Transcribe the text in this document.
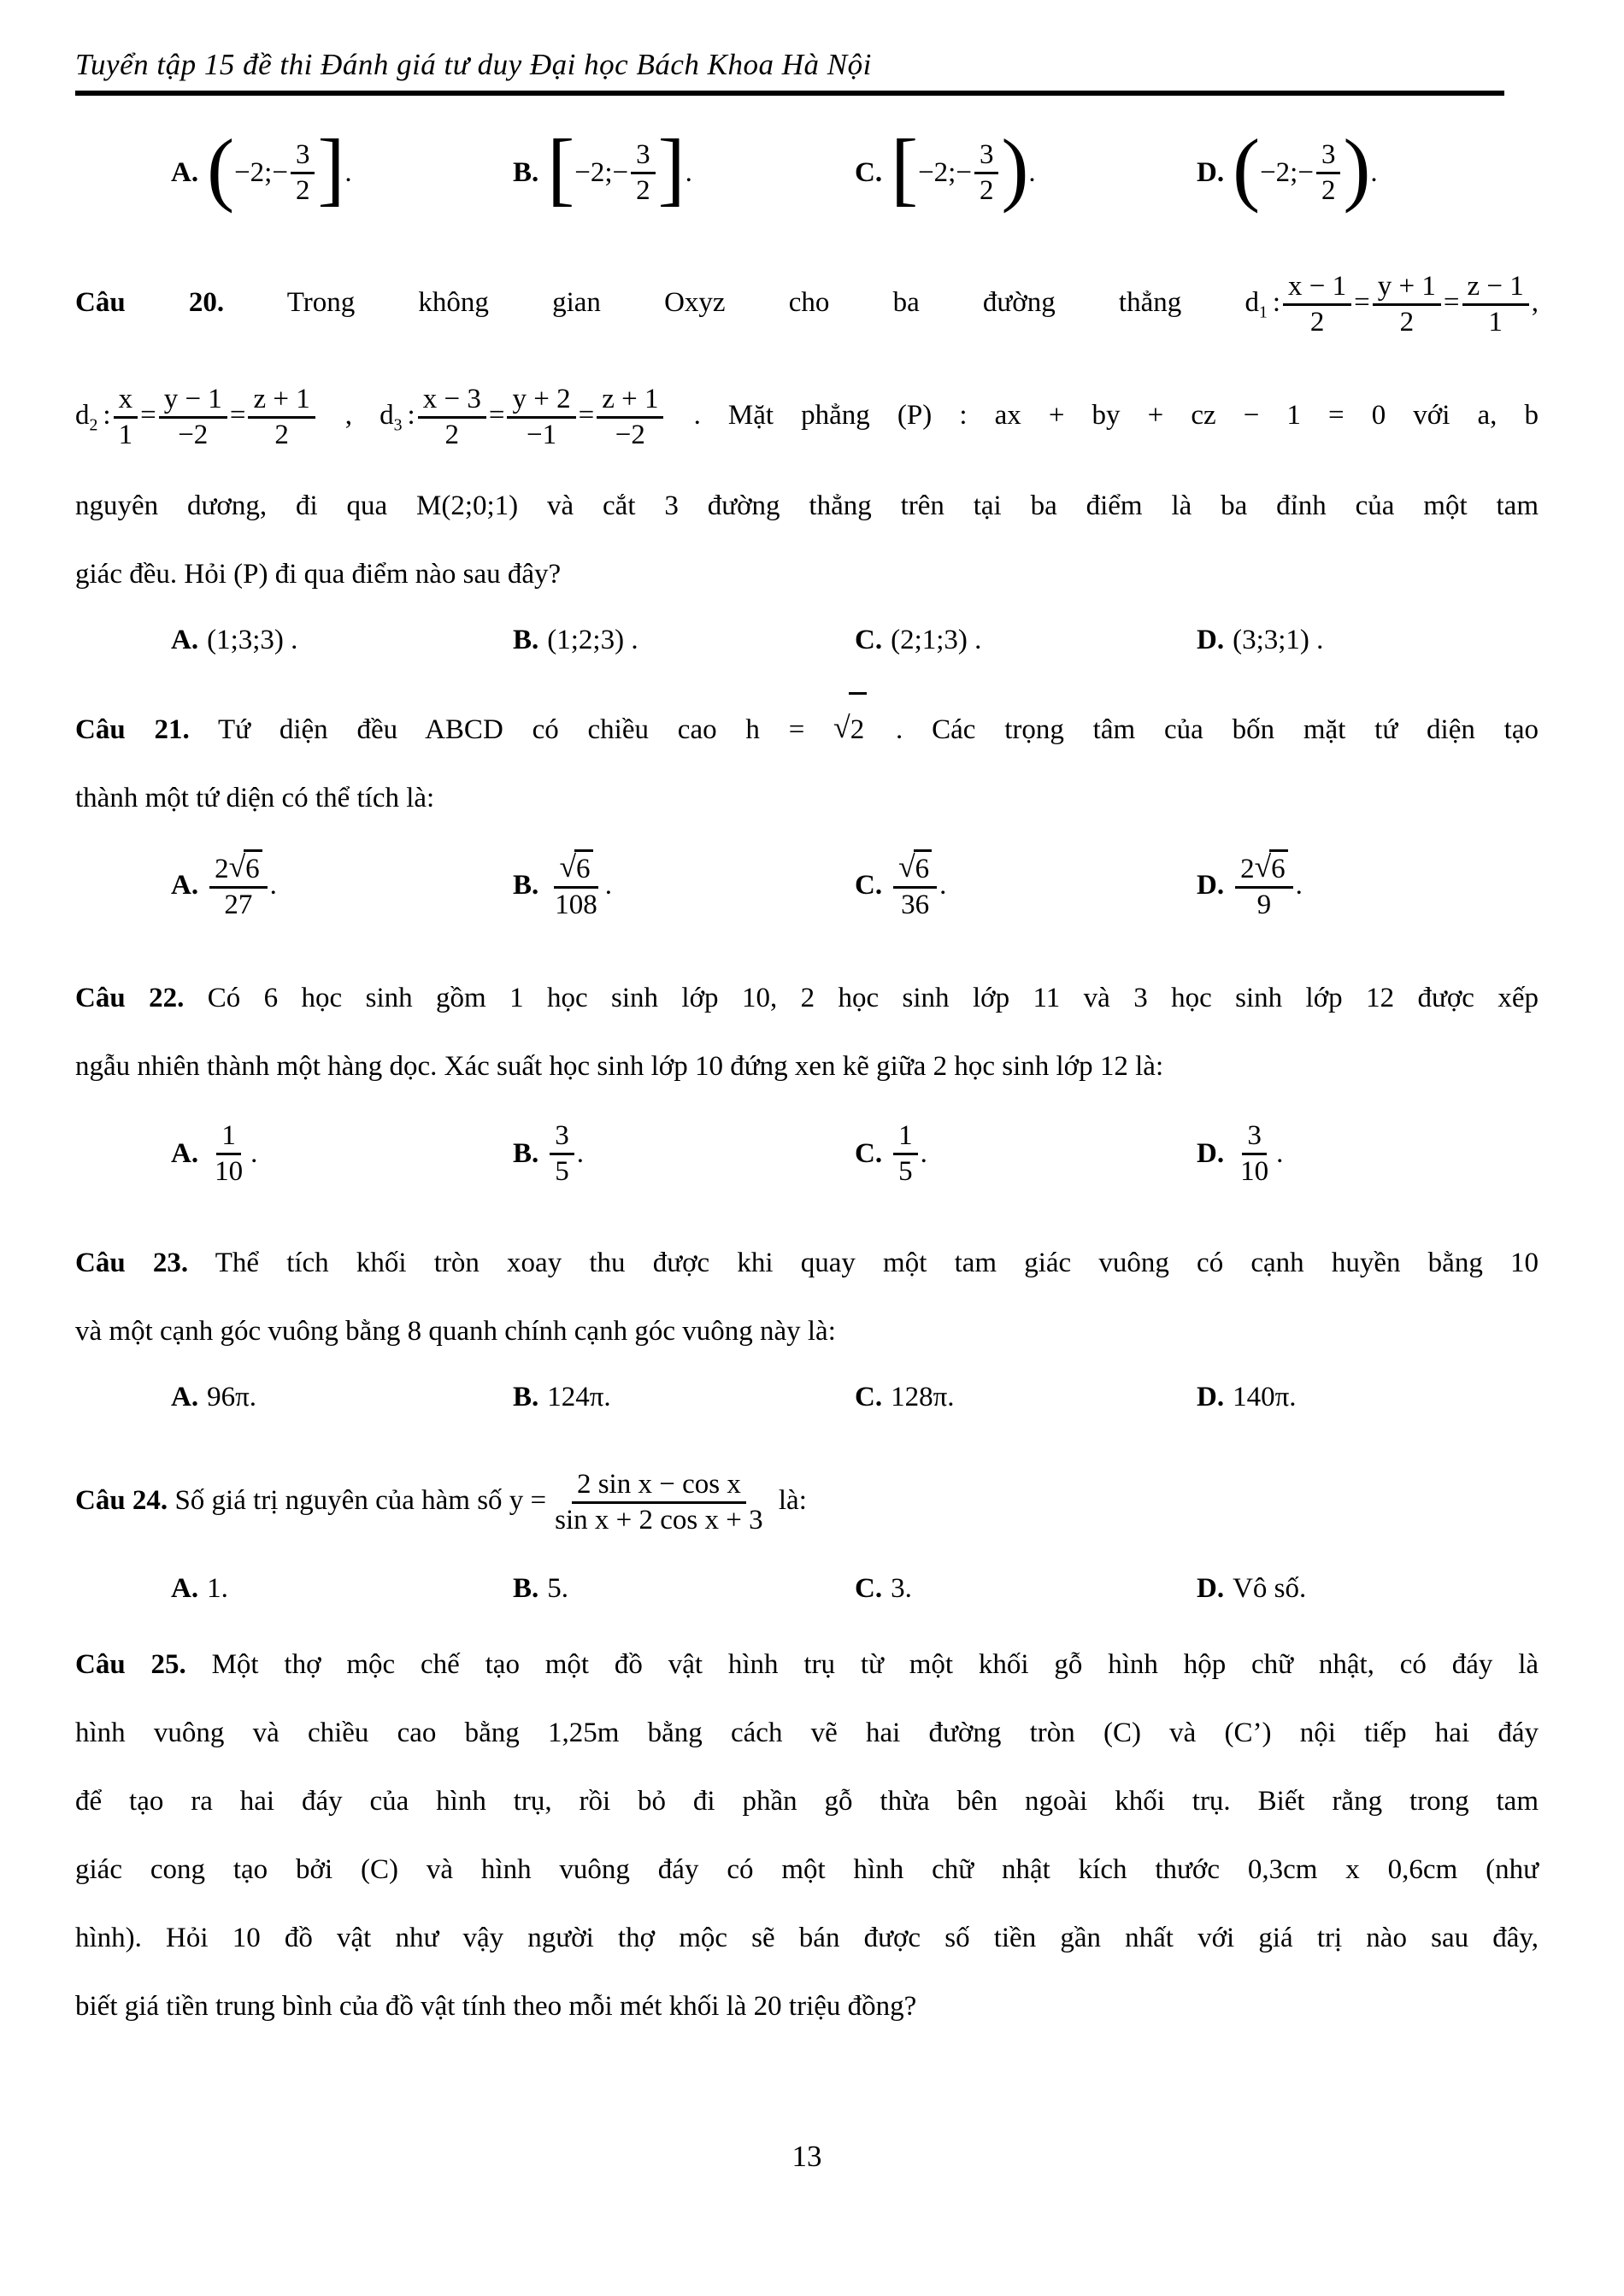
Tuyển tập 15 đề thi Đánh giá tư duy Đại học Bách Khoa Hà Nội
A. ( −2;− $\frac{3}{2}$ ] .	B. [ −2;− $\frac{3}{2}$ ] .	C. [ −2;− $\frac{3}{2}$ ) .	D. ( −2;− $\frac{3}{2}$ ) .
Câu 20. Trong không gian Oxyz cho ba đường thẳng $d_1$ : $\frac{x - 1}{2} = \frac{y + 1}{2} = \frac{z - 1}{1}$ ,
$d_2$ : $\frac{x}{1} = \frac{y - 1}{-2} = \frac{z + 1}{2}$ , $d_3$ : $\frac{x - 3}{2} = \frac{y + 2}{-1} = \frac{z + 1}{-2}$ . Mặt phẳng (P) : ax + by + cz − 1 = 0 với a, b
nguyên dương, đi qua M(2;0;1) và cắt 3 đường thẳng trên tại ba điểm là ba đỉnh của một tam
giác đều. Hỏi (P) đi qua điểm nào sau đây?
A. (1;3;3) .	B. (1;2;3) .	C. (2;1;3) .	D. (3;3;1) .
Câu 21. Tứ diện đều ABCD có chiều cao h = √2 . Các trọng tâm của bốn mặt tứ diện tạo
thành một tứ diện có thể tích là:
A. $\frac{2√6}{27}$ .	B. $\frac{√6}{108}$ .	C. $\frac{√6}{36}$ .	D. $\frac{2√6}{9}$ .
Câu 22. Có 6 học sinh gồm 1 học sinh lớp 10, 2 học sinh lớp 11 và 3 học sinh lớp 12 được xếp
ngẫu nhiên thành một hàng dọc. Xác suất học sinh lớp 10 đứng xen kẽ giữa 2 học sinh lớp 12 là:
A. $\frac{1}{10}$ .	B. $\frac{3}{5}$ .	C. $\frac{1}{5}$ .	D. $\frac{3}{10}$ .
Câu 23. Thể tích khối tròn xoay thu được khi quay một tam giác vuông có cạnh huyền bằng 10
và một cạnh góc vuông bằng 8 quanh chính cạnh góc vuông này là:
A. 96π.	B. 124π.	C. 128π.	D. 140π.
Câu 24. Số giá trị nguyên của hàm số $y = \frac{\text{2 sin x − cos x}}{\text{sin x + 2 cos x + 3}}$ là:
A. 1.	B. 5.	C. 3.	D. Vô số.
Câu 25. Một thợ mộc chế tạo một đồ vật hình trụ từ một khối gỗ hình hộp chữ nhật, có đáy là
hình vuông và chiều cao bằng 1,25m bằng cách vẽ hai đường tròn (C) và (C’) nội tiếp hai đáy
để tạo ra hai đáy của hình trụ, rồi bỏ đi phần gỗ thừa bên ngoài khối trụ. Biết rằng trong tam
giác cong tạo bởi (C) và hình vuông đáy có một hình chữ nhật kích thước 0,3cm x 0,6cm (như
hình). Hỏi 10 đồ vật như vậy người thợ mộc sẽ bán được số tiền gần nhất với giá trị nào sau đây,
biết giá tiền trung bình của đồ vật tính theo mỗi mét khối là 20 triệu đồng?
13
